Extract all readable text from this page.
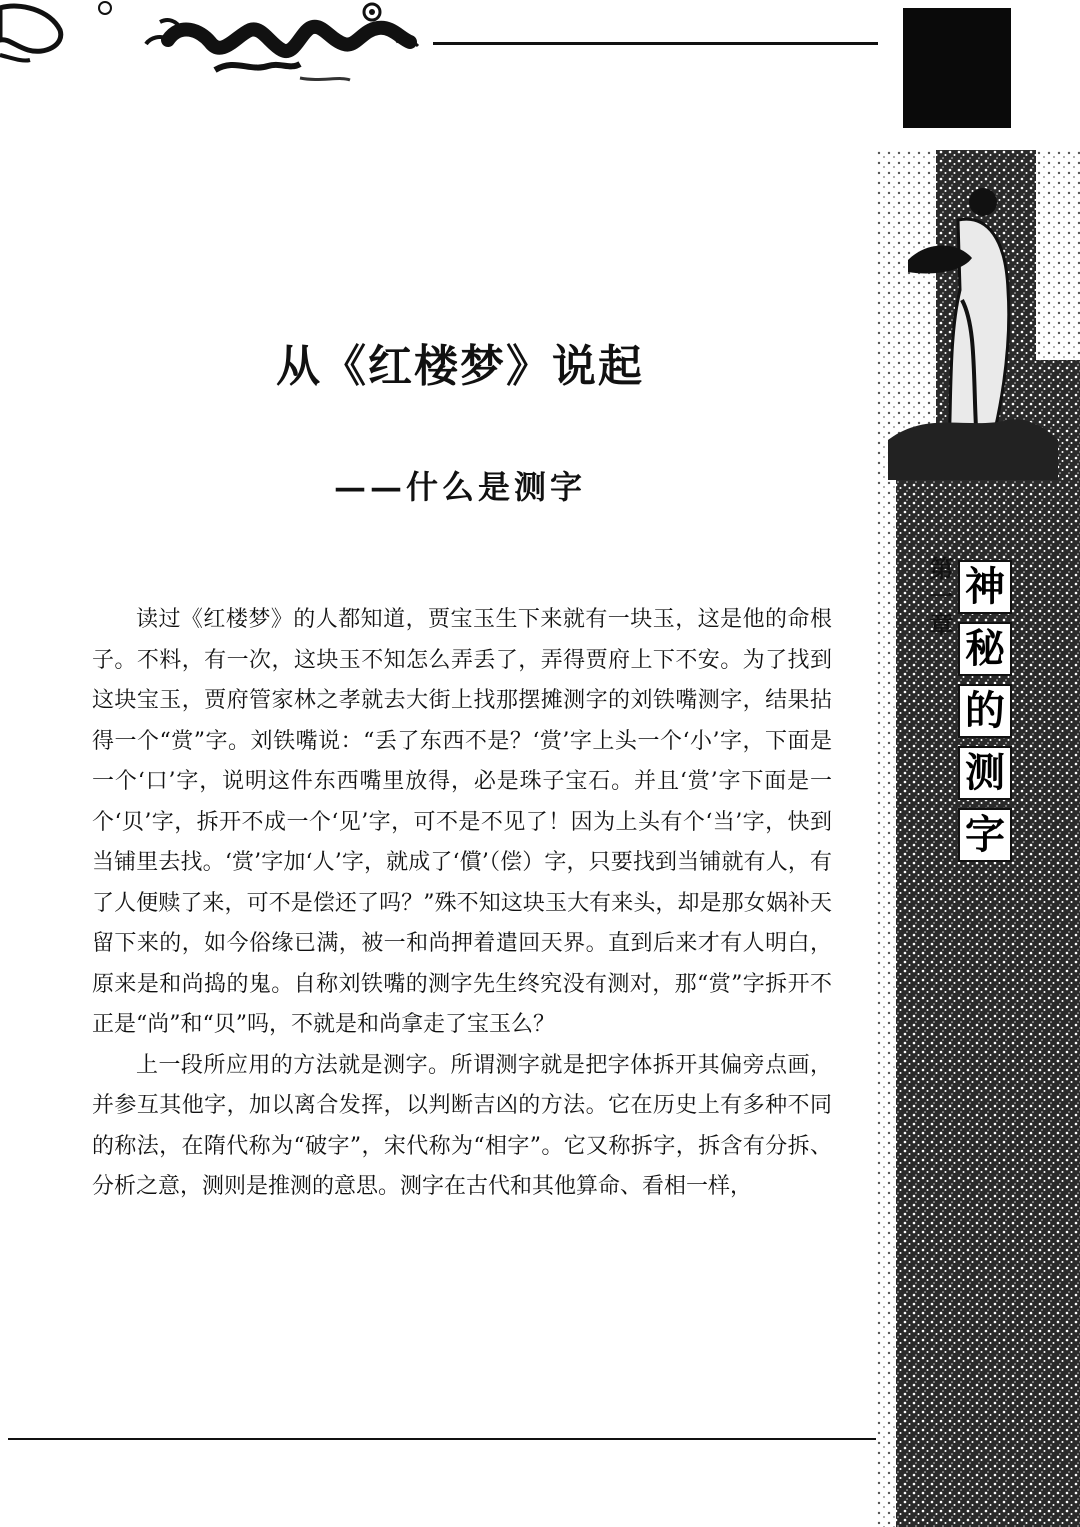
第一章 神
秘
的
测
字
从《红楼梦》说起
——什么是测字

读过《红楼梦》的人都知道，贾宝玉生下来就有一块玉，这是他的命根子。不料，有一次，这块玉不知怎么弄丢了，弄得贾府上下不安。为了找到这块宝玉，贾府管家林之孝就去大街上找那摆摊测字的刘铁嘴测字，结果拈得一个“赏”字。刘铁嘴说：“丢了东西不是？‘赏’字上头一个‘小’字，下面是一个‘口’字，说明这件东西嘴里放得，必是珠子宝石。并且‘赏’字下面是一个‘贝’字，拆开不成一个‘见’字，可不是不见了！因为上头有个‘当’字，快到当铺里去找。‘赏’字加‘人’字，就成了‘償’（偿）字，只要找到当铺就有人，有了人便赎了来，可不是偿还了吗？”殊不知这块玉大有来头，却是那女娲补天留下来的，如今俗缘已满，被一和尚押着遣回天界。直到后来才有人明白，原来是和尚捣的鬼。自称刘铁嘴的测字先生终究没有测对，那“赏”字拆开不正是“尚”和“贝”吗，不就是和尚拿走了宝玉么？

上一段所应用的方法就是测字。所谓测字就是把字体拆开其偏旁点画，并参互其他字，加以离合发挥，以判断吉凶的方法。它在历史上有多种不同的称法，在隋代称为“破字”，宋代称为“相字”。它又称拆字，拆含有分拆、分析之意，测则是推测的意思。测字在古代和其他算命、看相一样，
